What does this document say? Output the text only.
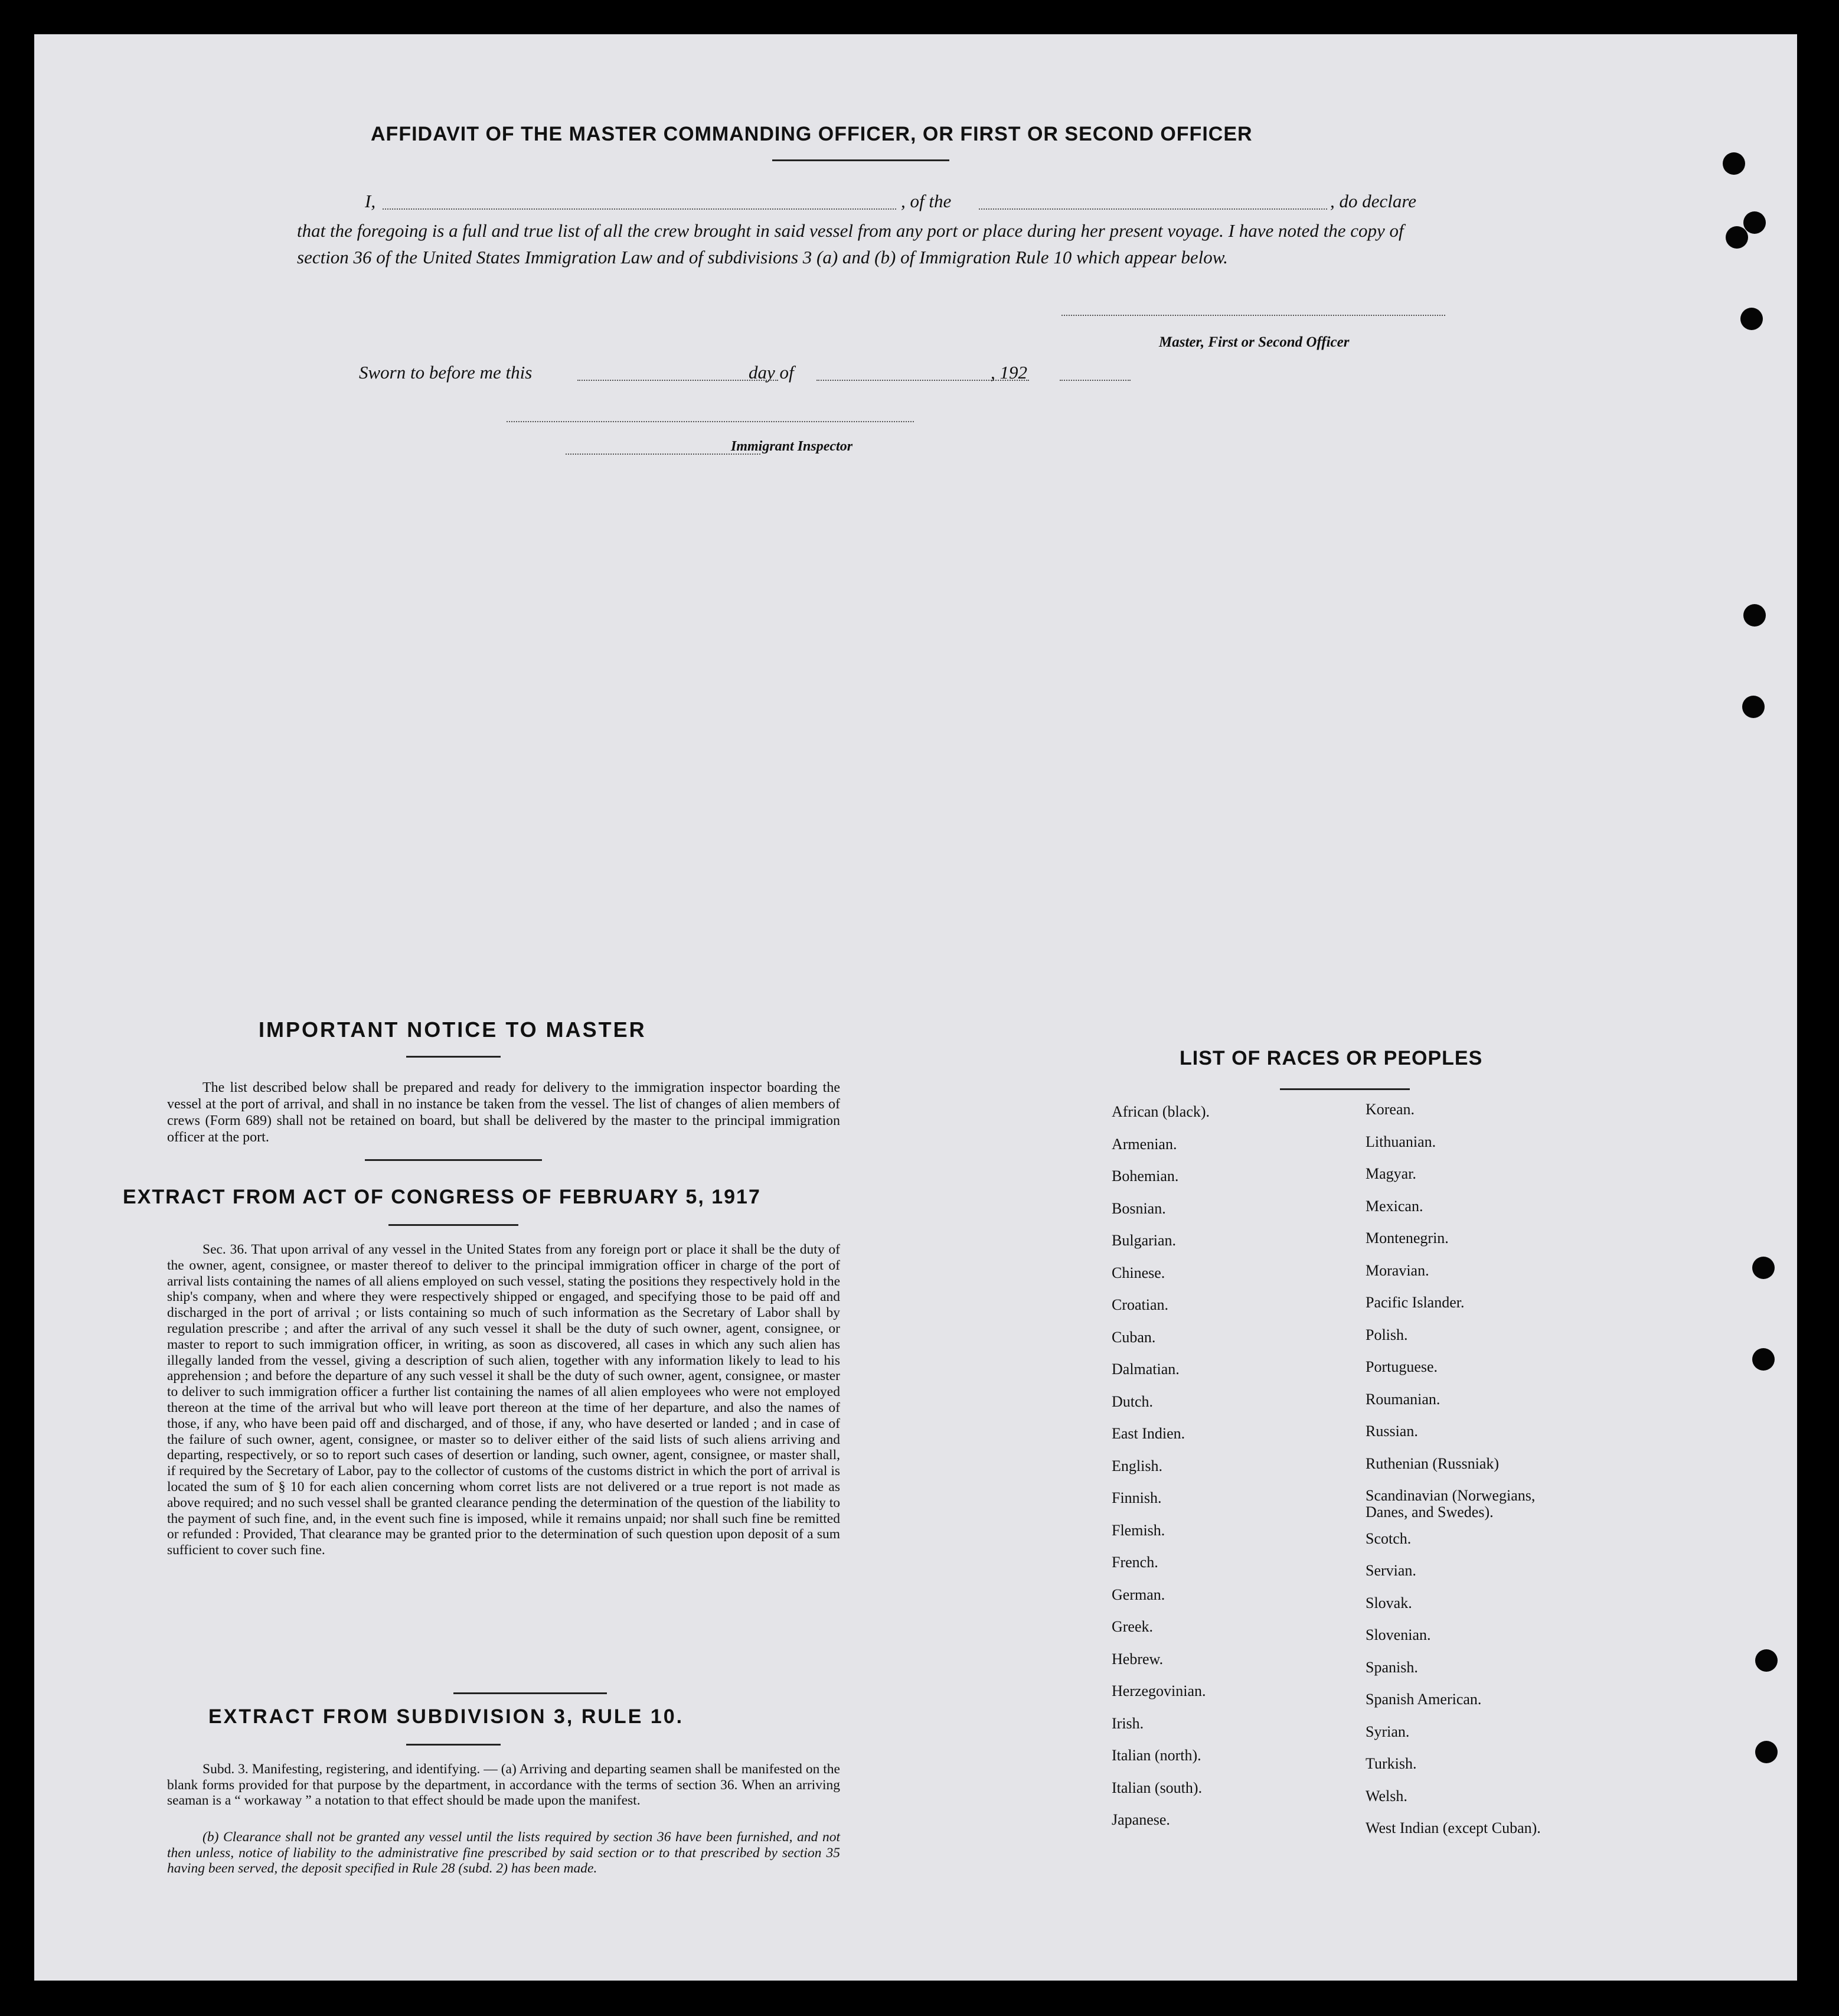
AFFIDAVIT OF THE MASTER COMMANDING OFFICER, OR FIRST OR SECOND OFFICER
I,	, of the	, do declare
that the foregoing is a full and true list of all the crew brought in said vessel from any port or place during her present voyage. I have noted the copy of section 36 of the United States Immigration Law and of subdivisions 3 (a) and (b) of Immigration Rule 10 which appear below.
Master, First or Second Officer
Sworn to before me this	day of	, 192
Immigrant Inspector
IMPORTANT NOTICE TO MASTER
The list described below shall be prepared and ready for delivery to the immigration inspector boarding the vessel at the port of arrival, and shall in no instance be taken from the vessel. The list of changes of alien members of crews (Form 689) shall not be retained on board, but shall be delivered by the master to the principal immigration officer at the port.
EXTRACT FROM ACT OF CONGRESS OF FEBRUARY 5, 1917
Sec. 36. That upon arrival of any vessel in the United States from any foreign port or place it shall be the duty of the owner, agent, consignee, or master thereof to deliver to the principal immigration officer in charge of the port of arrival lists containing the names of all aliens employed on such vessel, stating the positions they respectively hold in the ship's company, when and where they were respectively shipped or engaged, and specifying those to be paid off and discharged in the port of arrival ; or lists containing so much of such information as the Secretary of Labor shall by regulation prescribe ; and after the arrival of any such vessel it shall be the duty of such owner, agent, consignee, or master to report to such immigration officer, in writing, as soon as discovered, all cases in which any such alien has illegally landed from the vessel, giving a description of such alien, together with any information likely to lead to his apprehension ; and before the departure of any such vessel it shall be the duty of such owner, agent, consignee, or master to deliver to such immigration officer a further list containing the names of all alien employees who were not employed thereon at the time of the arrival but who will leave port thereon at the time of her departure, and also the names of those, if any, who have been paid off and discharged, and of those, if any, who have deserted or landed ; and in case of the failure of such owner, agent, consignee, or master so to deliver either of the said lists of such aliens arriving and departing, respectively, or so to report such cases of desertion or landing, such owner, agent, consignee, or master shall, if required by the Secretary of Labor, pay to the collector of customs of the customs district in which the port of arrival is located the sum of § 10 for each alien concerning whom corret lists are not delivered or a true report is not made as above required; and no such vessel shall be granted clearance pending the determination of the question of the liability to the payment of such fine, and, in the event such fine is imposed, while it remains unpaid; nor shall such fine be remitted or refunded : Provided, That clearance may be granted prior to the determination of such question upon deposit of a sum sufficient to cover such fine.
EXTRACT FROM SUBDIVISION 3, RULE 10.
Subd. 3. Manifesting, registering, and identifying. — (a) Arriving and departing seamen shall be manifested on the blank forms provided for that purpose by the department, in accordance with the terms of section 36. When an arriving seaman is a “ workaway ” a notation to that effect should be made upon the manifest.
(b) Clearance shall not be granted any vessel until the lists required by section 36 have been furnished, and not then unless, notice of liability to the administrative fine prescribed by said section or to that prescribed by section 35 having been served, the deposit specified in Rule 28 (subd. 2) has been made.
LIST OF RACES OR PEOPLES
African (black).
Armenian.
Bohemian.
Bosnian.
Bulgarian.
Chinese.
Croatian.
Cuban.
Dalmatian.
Dutch.
East Indien.
English.
Finnish.
Flemish.
French.
German.
Greek.
Hebrew.
Herzegovinian.
Irish.
Italian (north).
Italian (south).
Japanese.
Korean.
Lithuanian.
Magyar.
Mexican.
Montenegrin.
Moravian.
Pacific Islander.
Polish.
Portuguese.
Roumanian.
Russian.
Ruthenian (Russniak)
Scandinavian (Norwegians,
Danes, and Swedes).
Scotch.
Servian.
Slovak.
Slovenian.
Spanish.
Spanish American.
Syrian.
Turkish.
Welsh.
West Indian (except Cuban).
